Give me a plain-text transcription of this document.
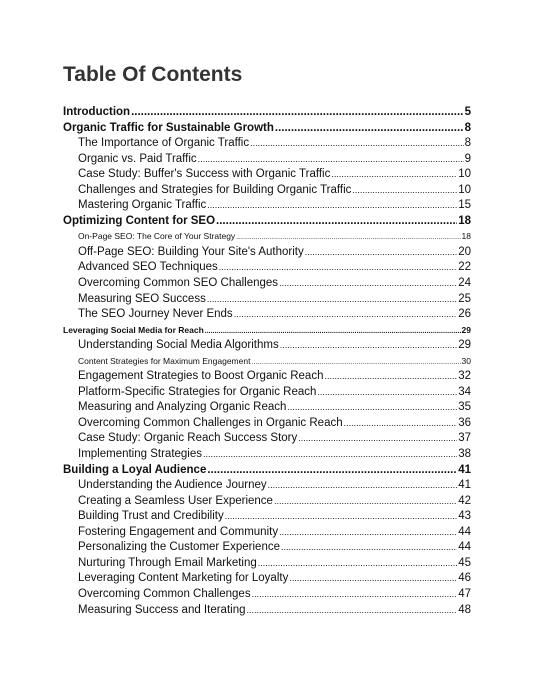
Table Of Contents
Introduction .....	5
Organic Traffic for Sustainable Growth .....	8
The Importance of Organic Traffic .....	8
Organic vs. Paid Traffic .....	9
Case Study: Buffer's Success with Organic Traffic .....	10
Challenges and Strategies for Building Organic Traffic .....	10
Mastering Organic Traffic .....	15
Optimizing Content for SEO .....	18
On-Page SEO: The Core of Your Strategy .....	18
Off-Page SEO: Building Your Site's Authority .....	20
Advanced SEO Techniques .....	22
Overcoming Common SEO Challenges .....	24
Measuring SEO Success .....	25
The SEO Journey Never Ends .....	26
Leveraging Social Media for Reach .....	29
Understanding Social Media Algorithms .....	29
Content Strategies for Maximum Engagement .....	30
Engagement Strategies to Boost Organic Reach .....	32
Platform-Specific Strategies for Organic Reach .....	34
Measuring and Analyzing Organic Reach .....	35
Overcoming Common Challenges in Organic Reach .....	36
Case Study: Organic Reach Success Story .....	37
Implementing Strategies .....	38
Building a Loyal Audience .....	41
Understanding the Audience Journey .....	41
Creating a Seamless User Experience .....	42
Building Trust and Credibility .....	43
Fostering Engagement and Community .....	44
Personalizing the Customer Experience .....	44
Nurturing Through Email Marketing .....	45
Leveraging Content Marketing for Loyalty .....	46
Overcoming Common Challenges .....	47
Measuring Success and Iterating .....	48
